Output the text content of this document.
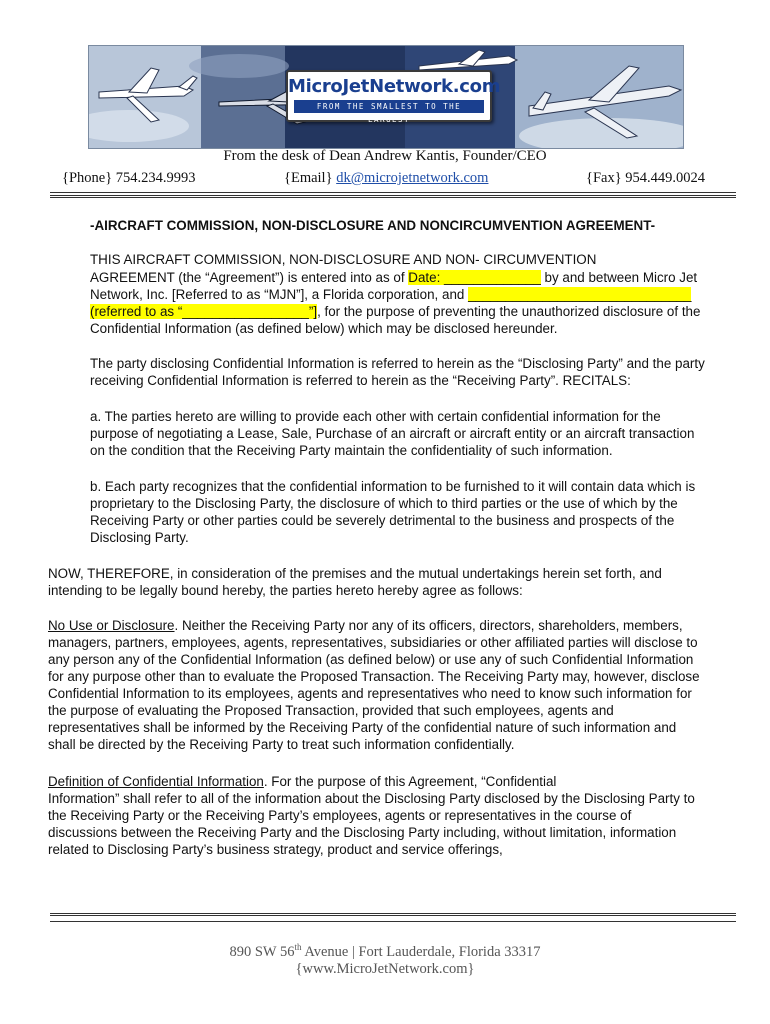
MicroJetNetwork.com
FROM THE SMALLEST TO THE LARGEST
From the desk of Dean Andrew Kantis, Founder/CEO
{Phone} 754.234.9993	{Email} dk@microjetnetwork.com	{Fax} 954.449.0024
-AIRCRAFT COMMISSION, NON-DISCLOSURE AND NONCIRCUMVENTION AGREEMENT-
THIS AIRCRAFT COMMISSION, NON-DISCLOSURE AND NON- CIRCUMVENTION
AGREEMENT (the “Agreement”) is entered into as of Date: _____________ by and between Micro Jet
Network, Inc. [Referred to as “MJN”], a Florida corporation, and ______________________________
(referred to as “_________________”], for the purpose of preventing the unauthorized disclosure of the
Confidential Information (as defined below) which may be disclosed hereunder.
The party disclosing Confidential Information is referred to herein as the “Disclosing Party” and the party
receiving Confidential Information is referred to herein as the “Receiving Party”. RECITALS:
a. The parties hereto are willing to provide each other with certain confidential information for the
purpose of negotiating a Lease, Sale, Purchase of an aircraft or aircraft entity or an aircraft transaction
on the condition that the Receiving Party maintain the confidentiality of such information.
b. Each party recognizes that the confidential information to be furnished to it will contain data which is
proprietary to the Disclosing Party, the disclosure of which to third parties or the use of which by the
Receiving Party or other parties could be severely detrimental to the business and prospects of the
Disclosing Party.
NOW, THEREFORE, in consideration of the premises and the mutual undertakings herein set forth, and
intending to be legally bound hereby, the parties hereto hereby agree as follows:
No Use or Disclosure. Neither the Receiving Party nor any of its officers, directors, shareholders, members,
managers, partners, employees, agents, representatives, subsidiaries or other affiliated parties will disclose to
any person any of the Confidential Information (as defined below) or use any of such Confidential Information
for any purpose other than to evaluate the Proposed Transaction. The Receiving Party may, however, disclose
Confidential Information to its employees, agents and representatives who need to know such information for
the purpose of evaluating the Proposed Transaction, provided that such employees, agents and
representatives shall be informed by the Receiving Party of the confidential nature of such information and
shall be directed by the Receiving Party to treat such information confidentially.
Definition of Confidential Information. For the purpose of this Agreement, “Confidential
Information” shall refer to all of the information about the Disclosing Party disclosed by the Disclosing Party to
the Receiving Party or the Receiving Party’s employees, agents or representatives in the course of
discussions between the Receiving Party and the Disclosing Party including, without limitation, information
related to Disclosing Party’s business strategy, product and service offerings,
890 SW 56th Avenue | Fort Lauderdale, Florida 33317
{www.MicroJetNetwork.com}
